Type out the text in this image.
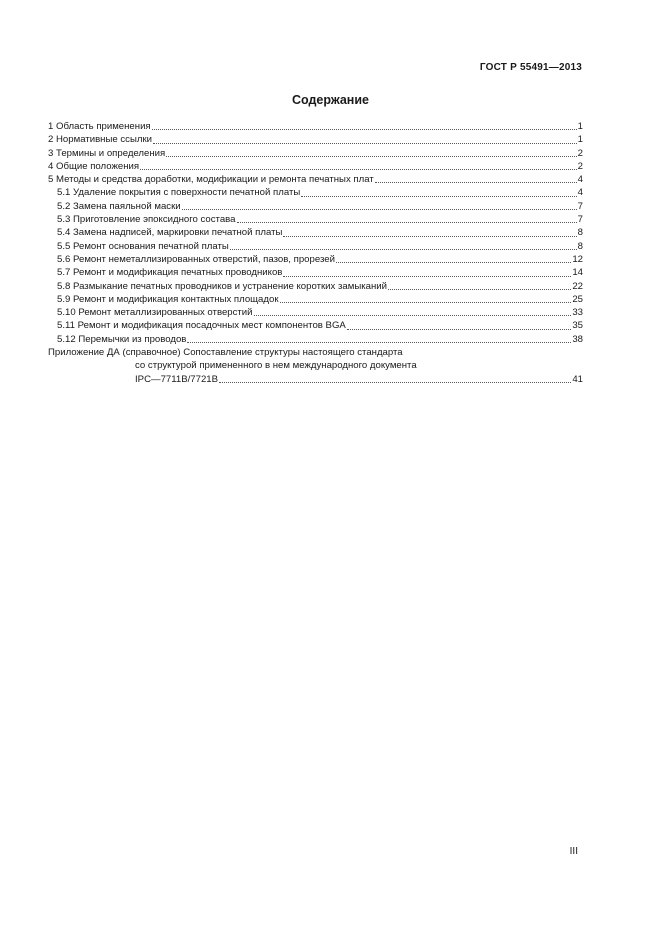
ГОСТ Р 55491—2013
Содержание
1 Область применения	1
2 Нормативные ссылки	1
3 Термины и определения	2
4 Общие положения	2
5 Методы и средства доработки, модификации и ремонта печатных плат	4
5.1 Удаление покрытия с поверхности печатной платы	4
5.2 Замена паяльной маски	7
5.3 Приготовление эпоксидного состава	7
5.4 Замена надписей, маркировки печатной платы	8
5.5 Ремонт основания печатной платы	8
5.6 Ремонт неметаллизированных отверстий, пазов, прорезей	12
5.7 Ремонт и модификация печатных проводников	14
5.8 Размыкание печатных проводников и устранение коротких замыканий	22
5.9 Ремонт и модификация контактных площадок	25
5.10 Ремонт металлизированных отверстий	33
5.11 Ремонт и модификация посадочных мест компонентов BGA	35
5.12 Перемычки из проводов	38
Приложение ДА (справочное) Сопоставление структуры настоящего стандарта
со структурой примененного в нем международного документа
IPC—7711B/7721B	41
III
